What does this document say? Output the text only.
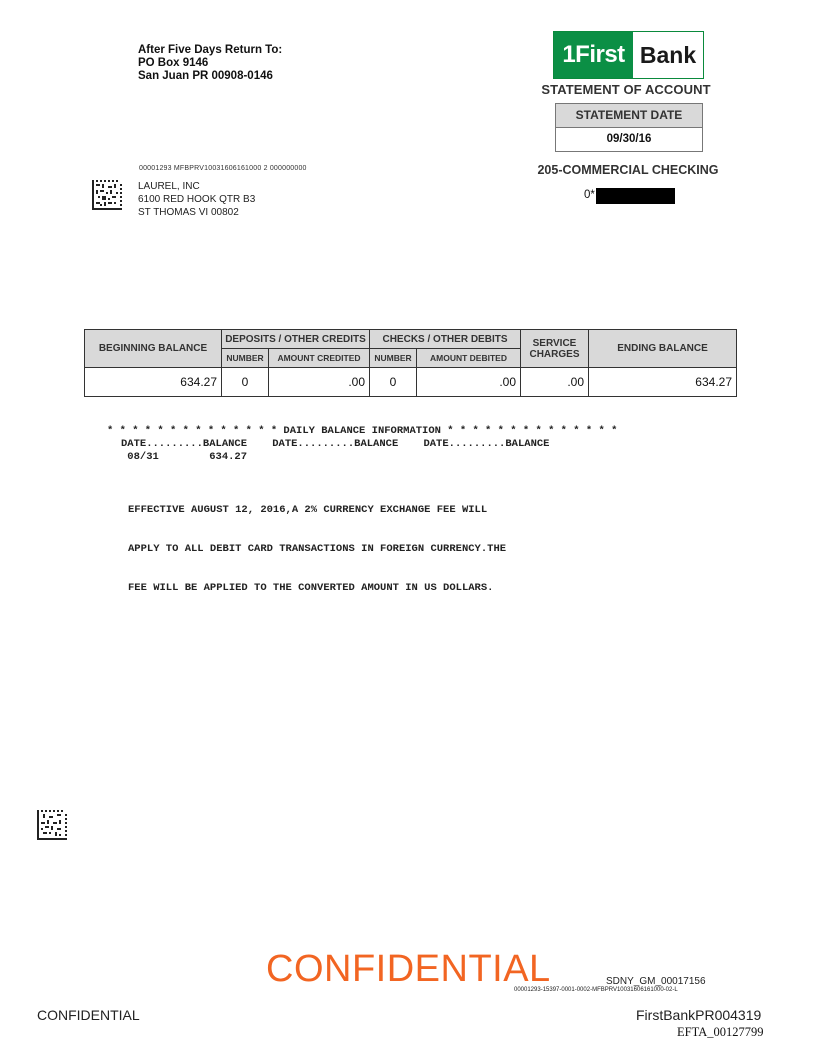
After Five Days Return To:
PO Box 9146
San Juan PR 00908-0146
1First Bank
STATEMENT OF ACCOUNT
STATEMENT DATE
09/30/16
205-COMMERCIAL CHECKING
0*
00001293 MFBPRV10031606161000 2 000000000
LAUREL, INC
6100 RED HOOK QTR B3
ST THOMAS VI 00802
BEGINNING BALANCE	DEPOSITS / OTHER CREDITS		CHECKS / OTHER DEBITS		SERVICE CHARGES	ENDING BALANCE
	NUMBER	AMOUNT CREDITED	NUMBER	AMOUNT DEBITED		
634.27	0	.00	0	.00	.00	634.27
* * * * * * * * * * * * * * DAILY BALANCE INFORMATION * * * * * * * * * * * * * *
DATE.........BALANCE    DATE.........BALANCE    DATE.........BALANCE
08/31        634.27

EFFECTIVE AUGUST 12, 2016,A 2% CURRENCY EXCHANGE FEE WILL

APPLY TO ALL DEBIT CARD TRANSACTIONS IN FOREIGN CURRENCY.THE

FEE WILL BE APPLIED TO THE CONVERTED AMOUNT IN US DOLLARS.

CONFIDENTIAL	SDNY_GM_00017156
00001293-15397-0001-0002-MFBPRV10031606161000-02-L
CONFIDENTIAL	FirstBankPR004319
EFTA_00127799
